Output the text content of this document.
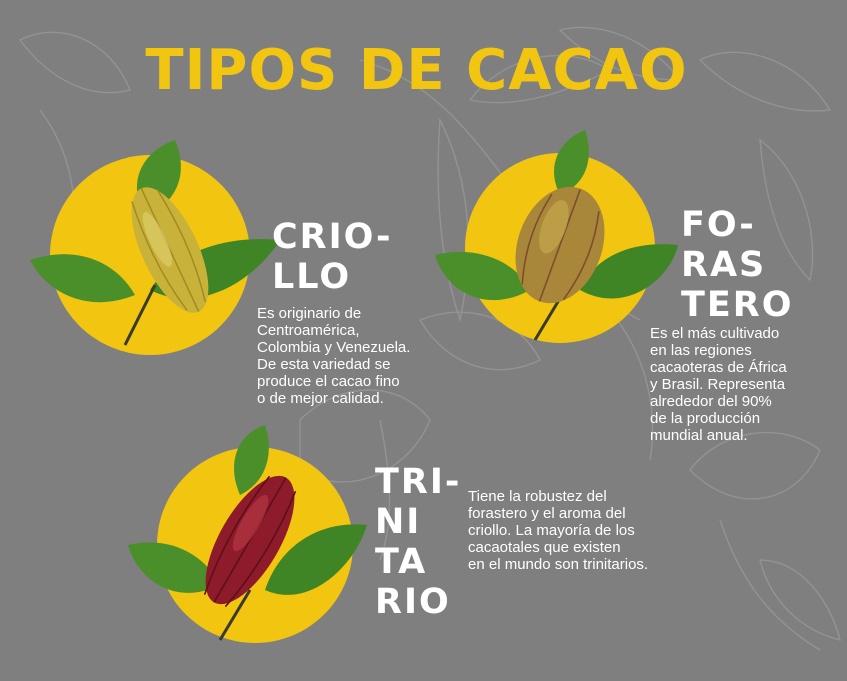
TIPOS DE CACAO
CRIO-
LLO
Es originario de
Centroamérica,
Colombia y Venezuela.
De esta variedad se
produce el cacao fino
o de mejor calidad.
FO-
RAS
TERO
Es el más cultivado
en las regiones
cacaoteras de África
y Brasil. Representa
alrededor del 90%
de la producción
mundial anual.
TRI-
NI
TA
RIO
Tiene la robustez del
forastero y el aroma del
criollo. La mayoría de los
cacaotales que existen
en el mundo son trinitarios.
